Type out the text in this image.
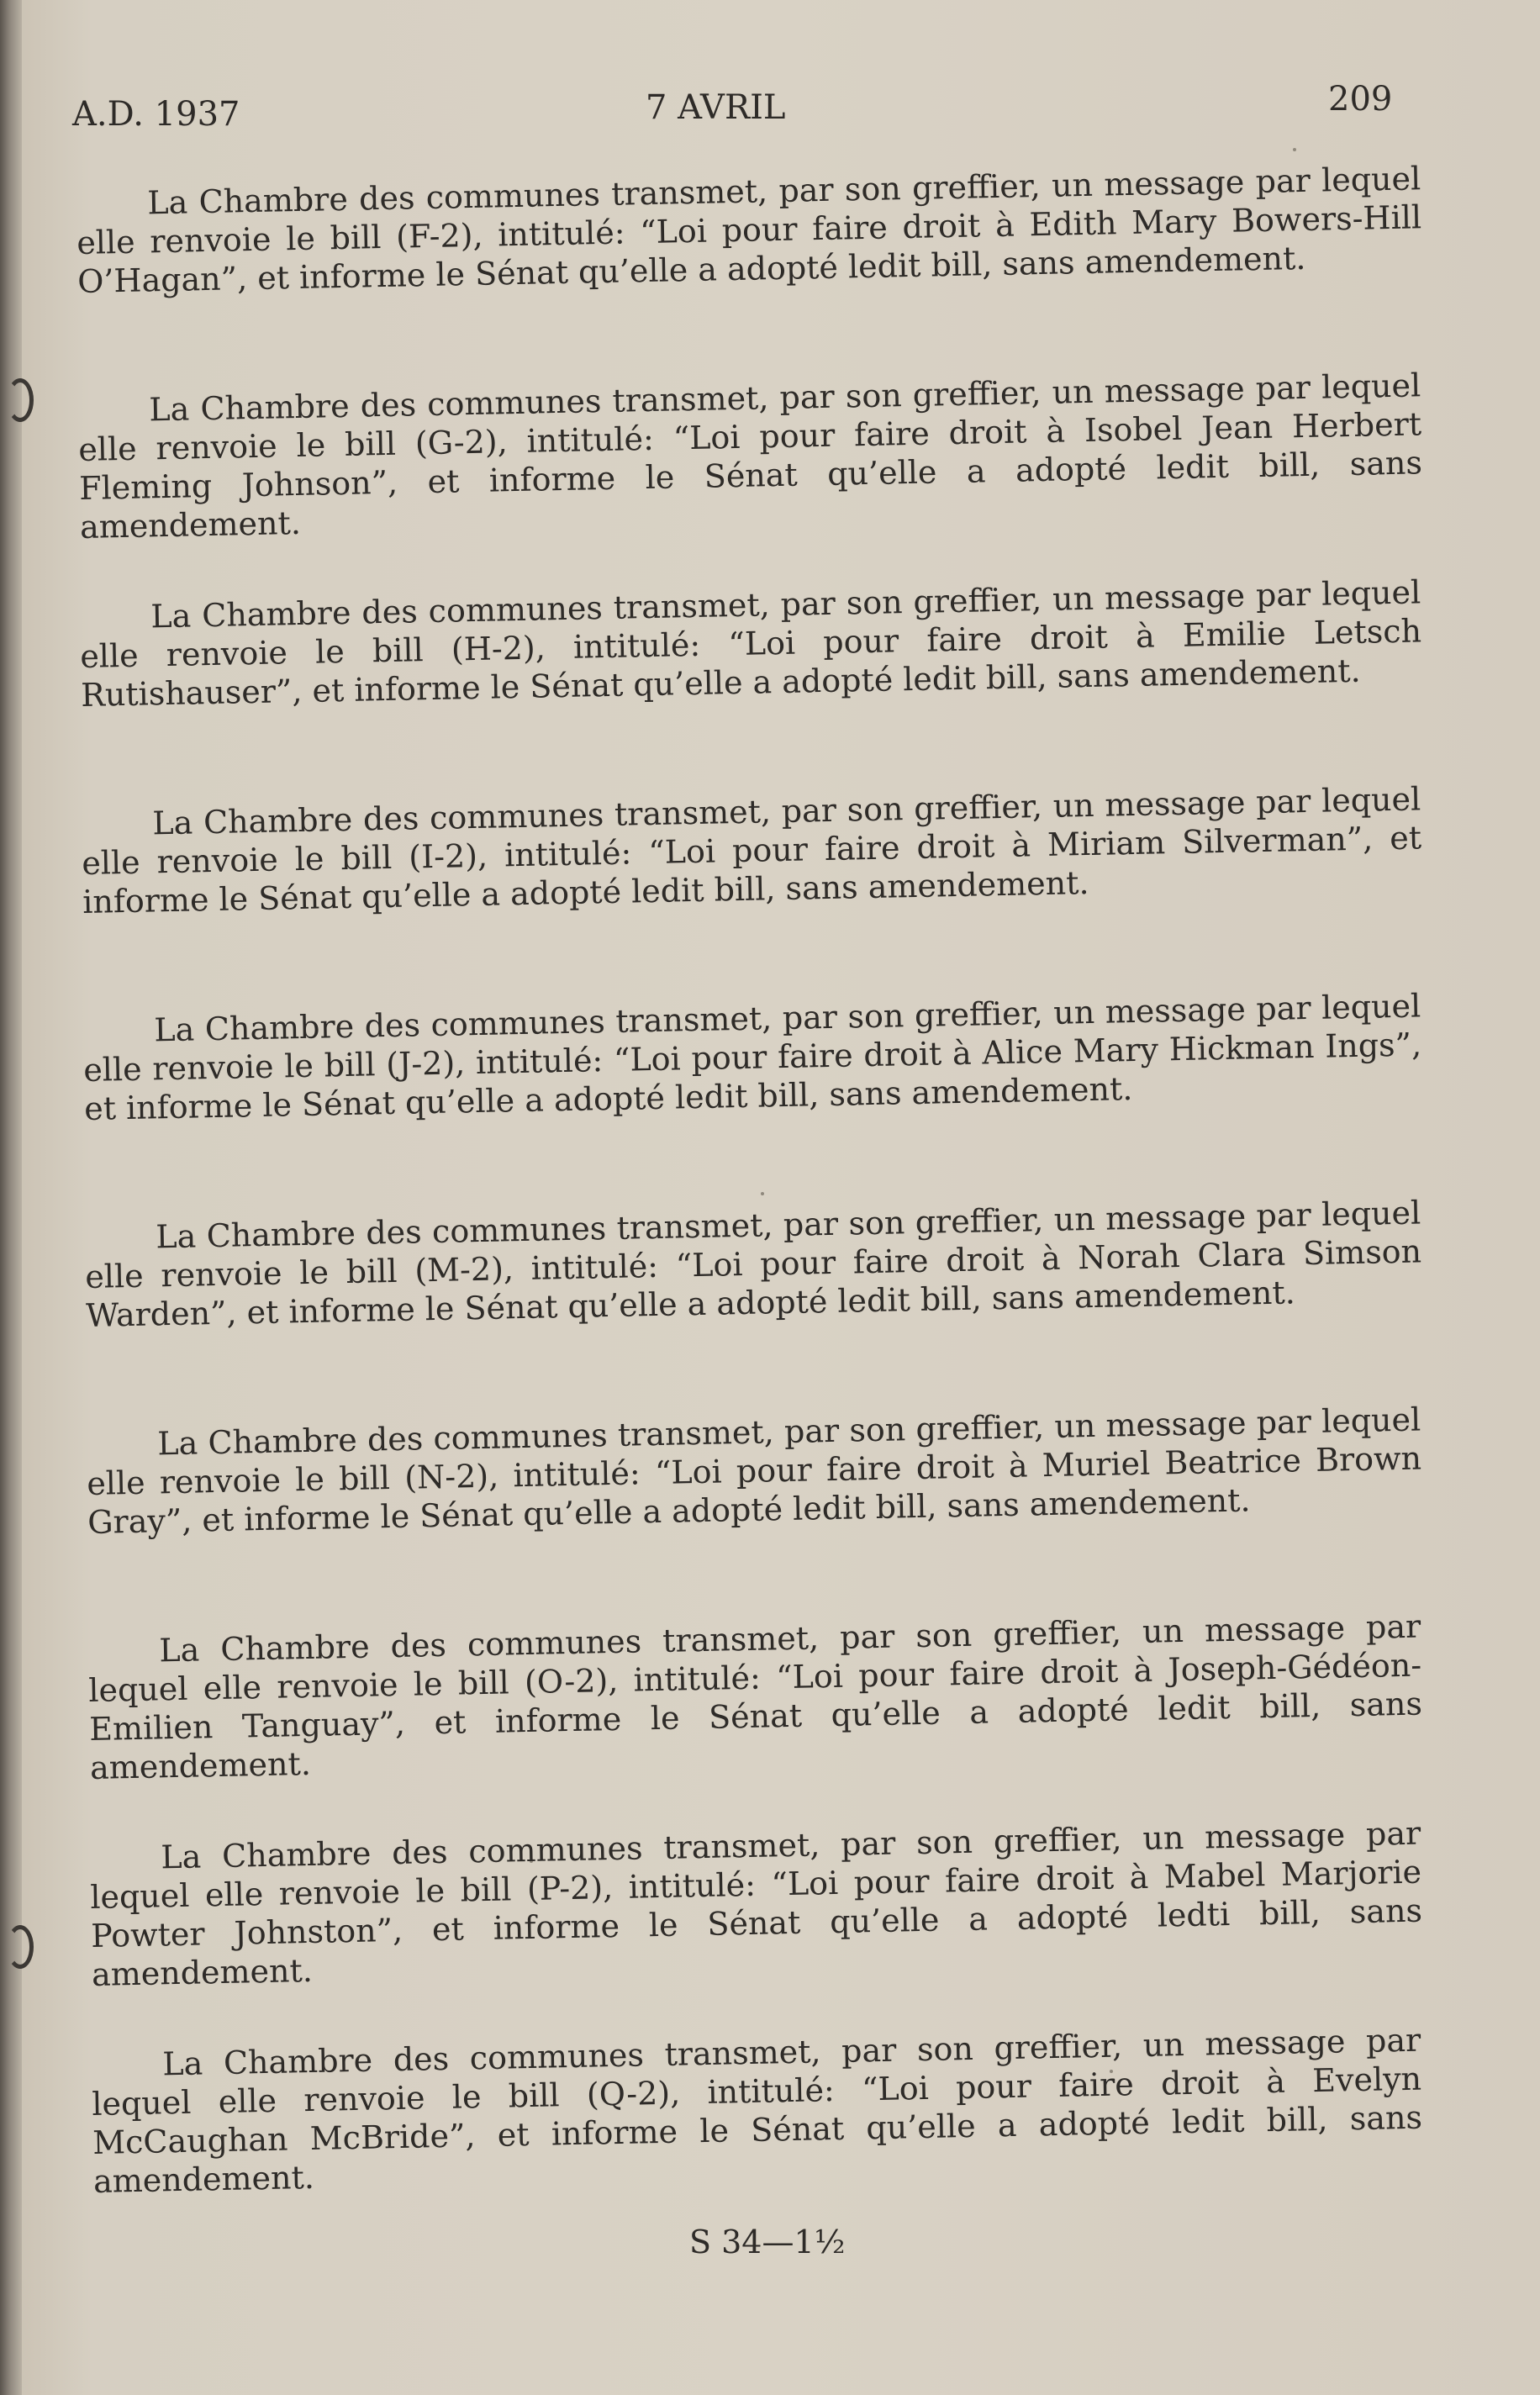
A.D. 1937	7 AVRIL	209

La Chambre des communes transmet, par son greffier, un message par lequel elle renvoie le bill (F-2), intitulé: “Loi pour faire droit à Edith Mary Bowers-Hill O’Hagan”, et informe le Sénat qu’elle a adopté ledit bill, sans amendement.

La Chambre des communes transmet, par son greffier, un message par lequel elle renvoie le bill (G-2), intitulé: “Loi pour faire droit à Isobel Jean Herbert Fleming Johnson”, et informe le Sénat qu’elle a adopté ledit bill, sans amendement.

La Chambre des communes transmet, par son greffier, un message par lequel elle renvoie le bill (H-2), intitulé: “Loi pour faire droit à Emilie Letsch Rutishauser”, et informe le Sénat qu’elle a adopté ledit bill, sans amendement.

La Chambre des communes transmet, par son greffier, un message par lequel elle renvoie le bill (I-2), intitulé: “Loi pour faire droit à Miriam Silverman”, et informe le Sénat qu’elle a adopté ledit bill, sans amendement.

La Chambre des communes transmet, par son greffier, un message par lequel elle renvoie le bill (J-2), intitulé: “Loi pour faire droit à Alice Mary Hickman Ings”, et informe le Sénat qu’elle a adopté ledit bill, sans amendement.

La Chambre des communes transmet, par son greffier, un message par lequel elle renvoie le bill (M-2), intitulé: “Loi pour faire droit à Norah Clara Simson Warden”, et informe le Sénat qu’elle a adopté ledit bill, sans amendement.

La Chambre des communes transmet, par son greffier, un message par lequel elle renvoie le bill (N-2), intitulé: “Loi pour faire droit à Muriel Beatrice Brown Gray”, et informe le Sénat qu’elle a adopté ledit bill, sans amendement.

La Chambre des communes transmet, par son greffier, un message par lequel elle renvoie le bill (O-2), intitulé: “Loi pour faire droit à Joseph-Gédéon-Emilien Tanguay”, et informe le Sénat qu’elle a adopté ledit bill, sans amendement.

La Chambre des communes transmet, par son greffier, un message par lequel elle renvoie le bill (P-2), intitulé: “Loi pour faire droit à Mabel Marjorie Powter Johnston”, et informe le Sénat qu’elle a adopté ledti bill, sans amendement.

La Chambre des communes transmet, par son greffier, un message par lequel elle renvoie le bill (Q-2), intitulé: “Loi pour faire droit à Evelyn McCaughan McBride”, et informe le Sénat qu’elle a adopté ledit bill, sans amendement.

S 34—1½
